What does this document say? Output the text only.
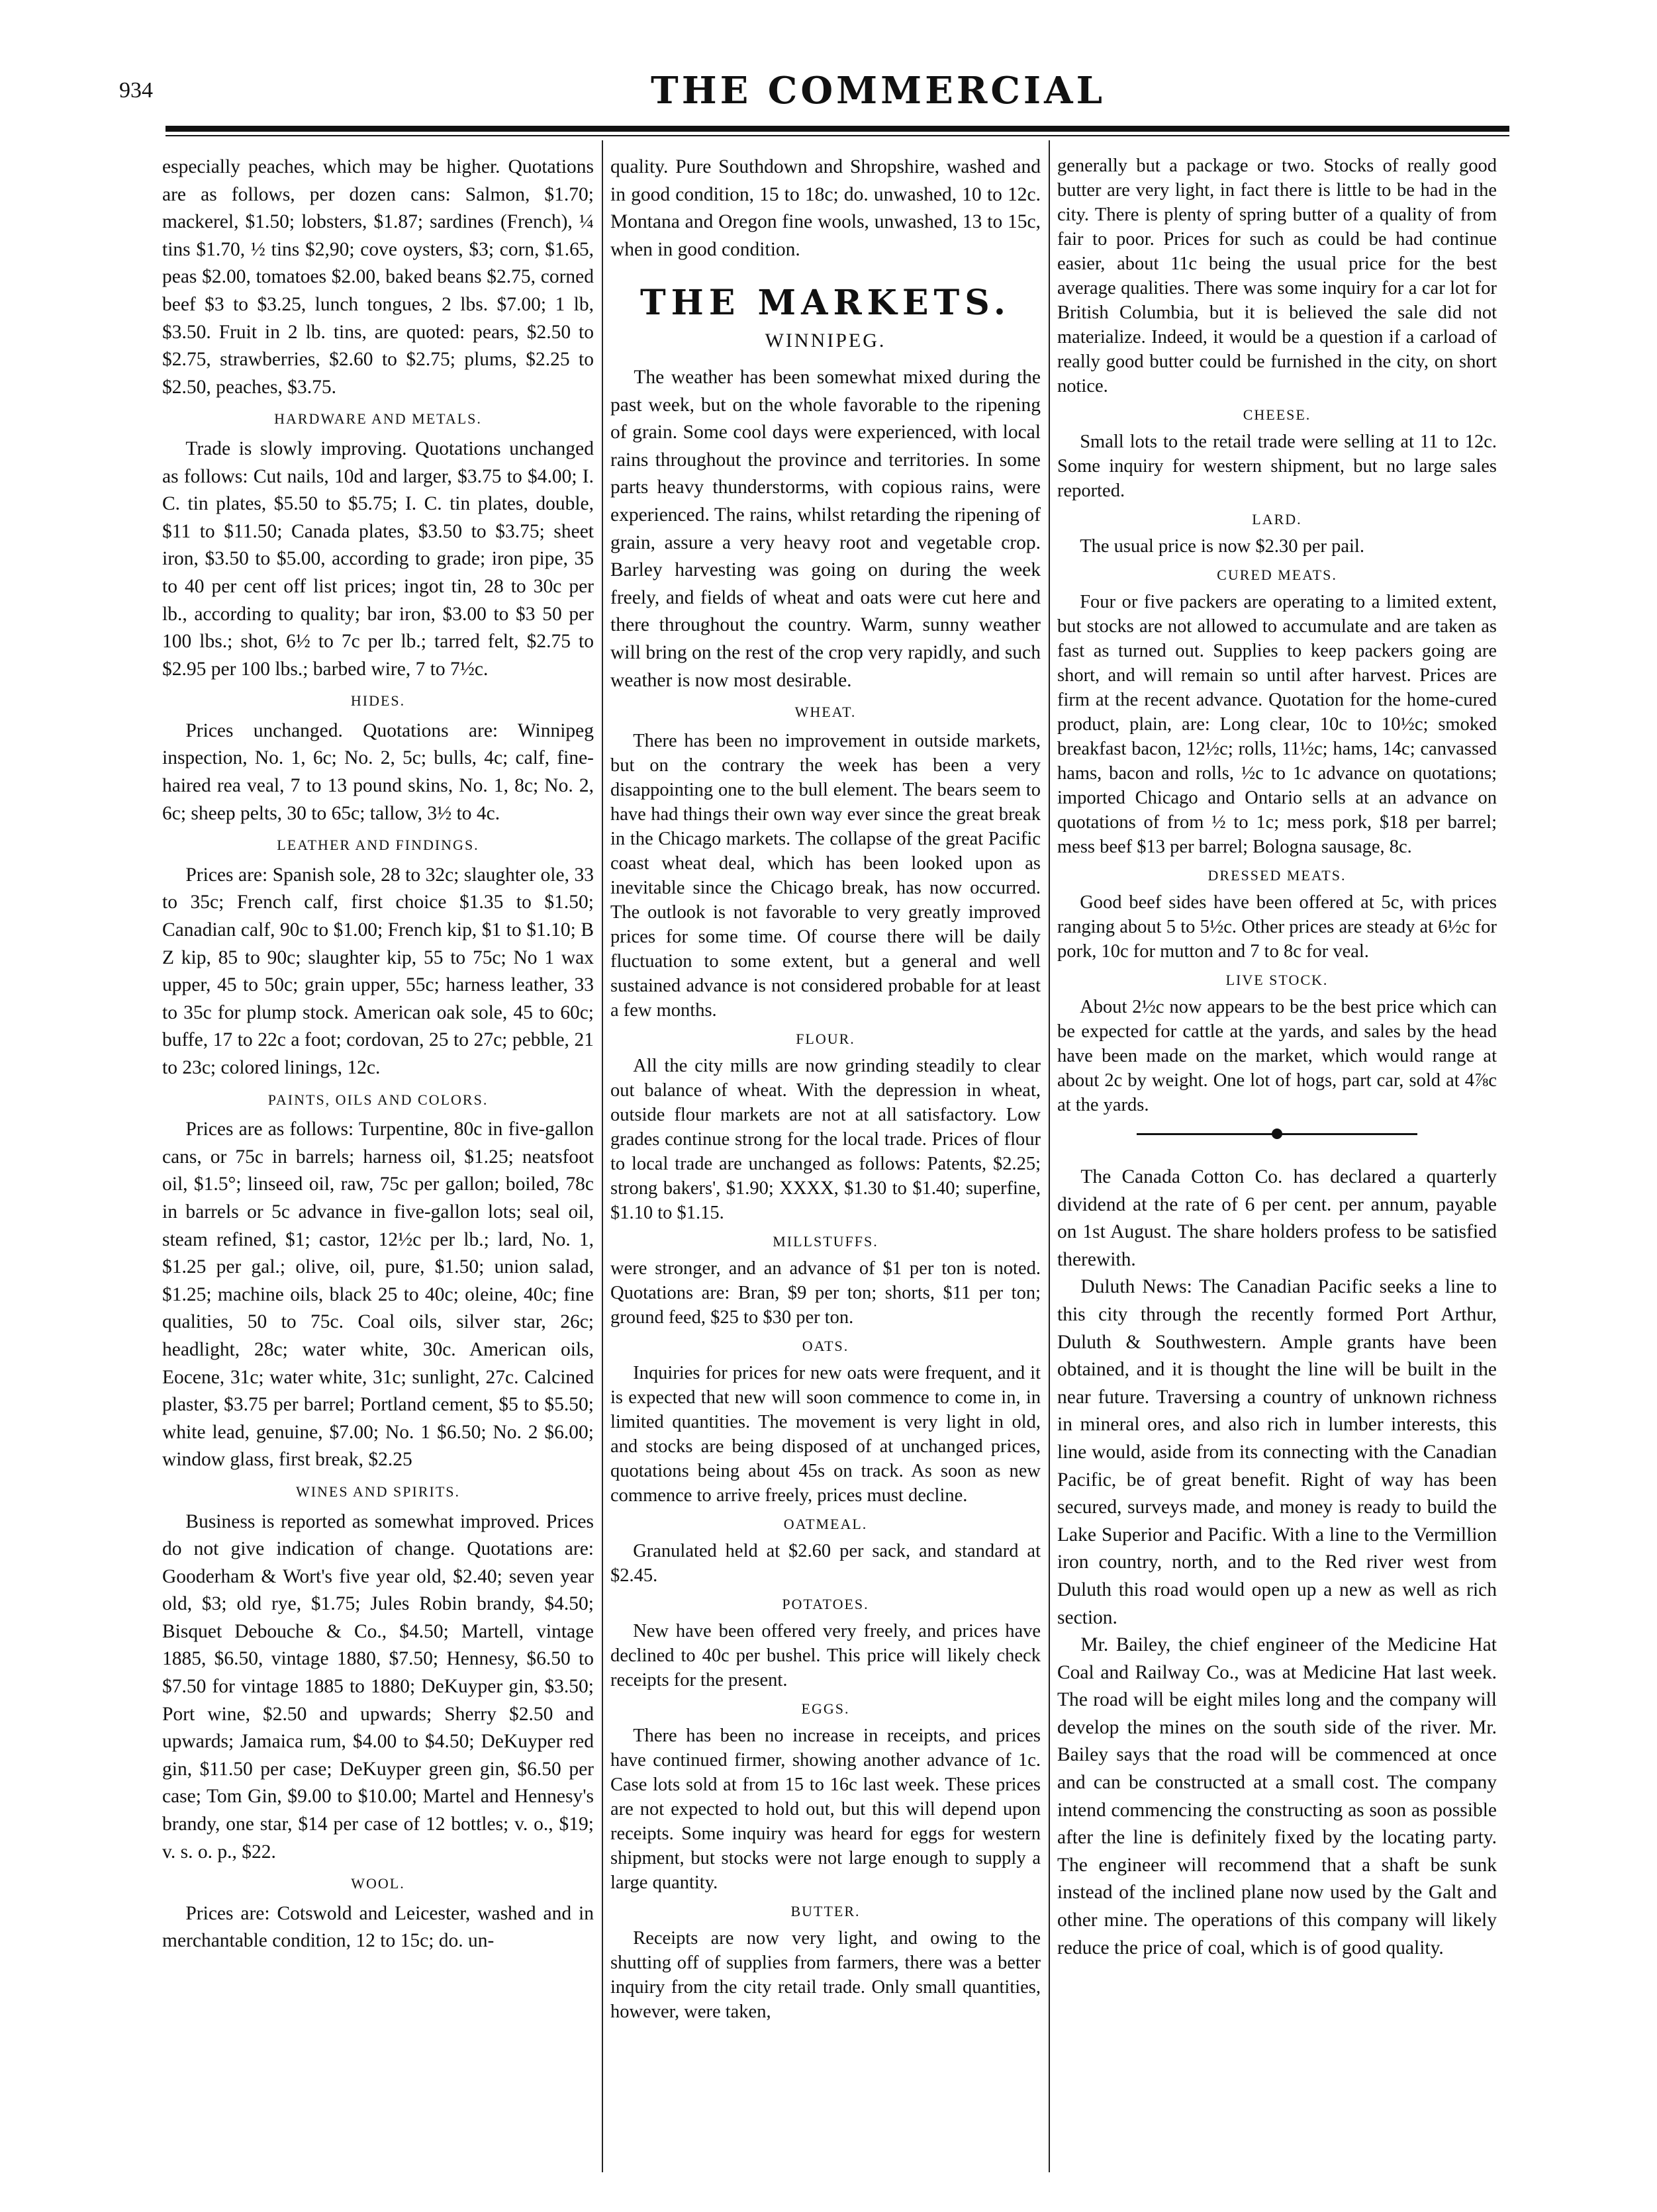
934	THE COMMERCIAL

especially peaches, which may be higher. Quotations are as follows, per dozen cans: Salmon, $1.70; mackerel, $1.50; lobsters, $1.87; sardines (French), ¼ tins $1.70, ½ tins $2,90; cove oysters, $3; corn, $1.65, peas $2.00, tomatoes $2.00, baked beans $2.75, corned beef $3 to $3.25, lunch tongues, 2 lbs. $7.00; 1 lb, $3.50. Fruit in 2 lb. tins, are quoted: pears, $2.50 to $2.75, strawberries, $2.60 to $2.75; plums, $2.25 to $2.50, peaches, $3.75.

HARDWARE AND METALS.

Trade is slowly improving. Quotations unchanged as follows: Cut nails, 10d and larger, $3.75 to $4.00; I. C. tin plates, $5.50 to $5.75; I. C. tin plates, double, $11 to $11.50; Canada plates, $3.50 to $3.75; sheet iron, $3.50 to $5.00, according to grade; iron pipe, 35 to 40 per cent off list prices; ingot tin, 28 to 30c per lb., according to quality; bar iron, $3.00 to $3 50 per 100 lbs.; shot, 6½ to 7c per lb.; tarred felt, $2.75 to $2.95 per 100 lbs.; barbed wire, 7 to 7½c.

HIDES.

Prices unchanged. Quotations are: Winnipeg inspection, No. 1, 6c; No. 2, 5c; bulls, 4c; calf, fine-haired rea veal, 7 to 13 pound skins, No. 1, 8c; No. 2, 6c; sheep pelts, 30 to 65c; tallow, 3½ to 4c.

LEATHER AND FINDINGS.

Prices are: Spanish sole, 28 to 32c; slaughter ole, 33 to 35c; French calf, first choice $1.35 to $1.50; Canadian calf, 90c to $1.00; French kip, $1 to $1.10; B Z kip, 85 to 90c; slaughter kip, 55 to 75c; No 1 wax upper, 45 to 50c; grain upper, 55c; harness leather, 33 to 35c for plump stock. American oak sole, 45 to 60c; buffe, 17 to 22c a foot; cordovan, 25 to 27c; pebble, 21 to 23c; colored linings, 12c.

PAINTS, OILS AND COLORS.

Prices are as follows: Turpentine, 80c in five-gallon cans, or 75c in barrels; harness oil, $1.25; neatsfoot oil, $1.5°; linseed oil, raw, 75c per gallon; boiled, 78c in barrels or 5c advance in five-gallon lots; seal oil, steam refined, $1; castor, 12½c per lb.; lard, No. 1, $1.25 per gal.; olive, oil, pure, $1.50; union salad, $1.25; machine oils, black 25 to 40c; oleine, 40c; fine qualities, 50 to 75c. Coal oils, silver star, 26c; headlight, 28c; water white, 30c. American oils, Eocene, 31c; water white, 31c; sunlight, 27c. Calcined plaster, $3.75 per barrel; Portland cement, $5 to $5.50; white lead, genuine, $7.00; No. 1 $6.50; No. 2 $6.00; window glass, first break, $2.25

WINES AND SPIRITS.

Business is reported as somewhat improved. Prices do not give indication of change. Quotations are: Gooderham & Wort's five year old, $2.40; seven year old, $3; old rye, $1.75; Jules Robin brandy, $4.50; Bisquet Debouche & Co., $4.50; Martell, vintage 1885, $6.50, vintage 1880, $7.50; Hennesy, $6.50 to $7.50 for vintage 1885 to 1880; DeKuyper gin, $3.50; Port wine, $2.50 and upwards; Sherry $2.50 and upwards; Jamaica rum, $4.00 to $4.50; DeKuyper red gin, $11.50 per case; DeKuyper green gin, $6.50 per case; Tom Gin, $9.00 to $10.00; Martel and Hennesy's brandy, one star, $14 per case of 12 bottles; v. o., $19; v. s. o. p., $22.

WOOL.

Prices are: Cotswold and Leicester, washed and in merchantable condition, 12 to 15c; do. un-

quality. Pure Southdown and Shropshire, washed and in good condition, 15 to 18c; do. unwashed, 10 to 12c. Montana and Oregon fine wools, unwashed, 13 to 15c, when in good condition.

THE MARKETS.
WINNIPEG.

The weather has been somewhat mixed during the past week, but on the whole favorable to the ripening of grain. Some cool days were experienced, with local rains throughout the province and territories. In some parts heavy thunderstorms, with copious rains, were experienced. The rains, whilst retarding the ripening of grain, assure a very heavy root and vegetable crop. Barley harvesting was going on during the week freely, and fields of wheat and oats were cut here and there throughout the country. Warm, sunny weather will bring on the rest of the crop very rapidly, and such weather is now most desirable.

WHEAT.

There has been no improvement in outside markets, but on the contrary the week has been a very disappointing one to the bull element. The bears seem to have had things their own way ever since the great break in the Chicago markets. The collapse of the great Pacific coast wheat deal, which has been looked upon as inevitable since the Chicago break, has now occurred. The outlook is not favorable to very greatly improved prices for some time. Of course there will be daily fluctuation to some extent, but a general and well sustained advance is not considered probable for at least a few months.

FLOUR.

All the city mills are now grinding steadily to clear out balance of wheat. With the depression in wheat, outside flour markets are not at all satisfactory. Low grades continue strong for the local trade. Prices of flour to local trade are unchanged as follows: Patents, $2.25; strong bakers', $1.90; XXXX, $1.30 to $1.40; superfine, $1.10 to $1.15.

MILLSTUFFS.

were stronger, and an advance of $1 per ton is noted. Quotations are: Bran, $9 per ton; shorts, $11 per ton; ground feed, $25 to $30 per ton.

OATS.

Inquiries for prices for new oats were frequent, and it is expected that new will soon commence to come in, in limited quantities. The movement is very light in old, and stocks are being disposed of at unchanged prices, quotations being about 45s on track. As soon as new commence to arrive freely, prices must decline.

OATMEAL.

Granulated held at $2.60 per sack, and standard at $2.45.

POTATOES.

New have been offered very freely, and prices have declined to 40c per bushel. This price will likely check receipts for the present.

EGGS.

There has been no increase in receipts, and prices have continued firmer, showing another advance of 1c. Case lots sold at from 15 to 16c last week. These prices are not expected to hold out, but this will depend upon receipts. Some inquiry was heard for eggs for western shipment, but stocks were not large enough to supply a large quantity.

BUTTER.

Receipts are now very light, and owing to the shutting off of supplies from farmers, there was a better inquiry from the city retail trade. Only small quantities, however, were taken,

generally but a package or two. Stocks of really good butter are very light, in fact there is little to be had in the city. There is plenty of spring butter of a quality of from fair to poor. Prices for such as could be had continue easier, about 11c being the usual price for the best average qualities. There was some inquiry for a car lot for British Columbia, but it is believed the sale did not materialize. Indeed, it would be a question if a carload of really good butter could be furnished in the city, on short notice.

CHEESE.

Small lots to the retail trade were selling at 11 to 12c. Some inquiry for western shipment, but no large sales reported.

LARD.

The usual price is now $2.30 per pail.

CURED MEATS.

Four or five packers are operating to a limited extent, but stocks are not allowed to accumulate and are taken as fast as turned out. Supplies to keep packers going are short, and will remain so until after harvest. Prices are firm at the recent advance. Quotation for the home-cured product, plain, are: Long clear, 10c to 10½c; smoked breakfast bacon, 12½c; rolls, 11½c; hams, 14c; canvassed hams, bacon and rolls, ½c to 1c advance on quotations; imported Chicago and Ontario sells at an advance on quotations of from ½ to 1c; mess pork, $18 per barrel; mess beef $13 per barrel; Bologna sausage, 8c.

DRESSED MEATS.

Good beef sides have been offered at 5c, with prices ranging about 5 to 5½c. Other prices are steady at 6½c for pork, 10c for mutton and 7 to 8c for veal.

LIVE STOCK.

About 2½c now appears to be the best price which can be expected for cattle at the yards, and sales by the head have been made on the market, which would range at about 2c by weight. One lot of hogs, part car, sold at 4⅞c at the yards.

The Canada Cotton Co. has declared a quarterly dividend at the rate of 6 per cent. per annum, payable on 1st August. The share holders profess to be satisfied therewith.

Duluth News: The Canadian Pacific seeks a line to this city through the recently formed Port Arthur, Duluth & Southwestern. Ample grants have been obtained, and it is thought the line will be built in the near future. Traversing a country of unknown richness in mineral ores, and also rich in lumber interests, this line would, aside from its connecting with the Canadian Pacific, be of great benefit. Right of way has been secured, surveys made, and money is ready to build the Lake Superior and Pacific. With a line to the Vermillion iron country, north, and to the Red river west from Duluth this road would open up a new as well as rich section.

Mr. Bailey, the chief engineer of the Medicine Hat Coal and Railway Co., was at Medicine Hat last week. The road will be eight miles long and the company will develop the mines on the south side of the river. Mr. Bailey says that the road will be commenced at once and can be constructed at a small cost. The company intend commencing the constructing as soon as possible after the line is definitely fixed by the locating party. The engineer will recommend that a shaft be sunk instead of the inclined plane now used by the Galt and other mine. The operations of this company will likely reduce the price of coal, which is of good quality.
